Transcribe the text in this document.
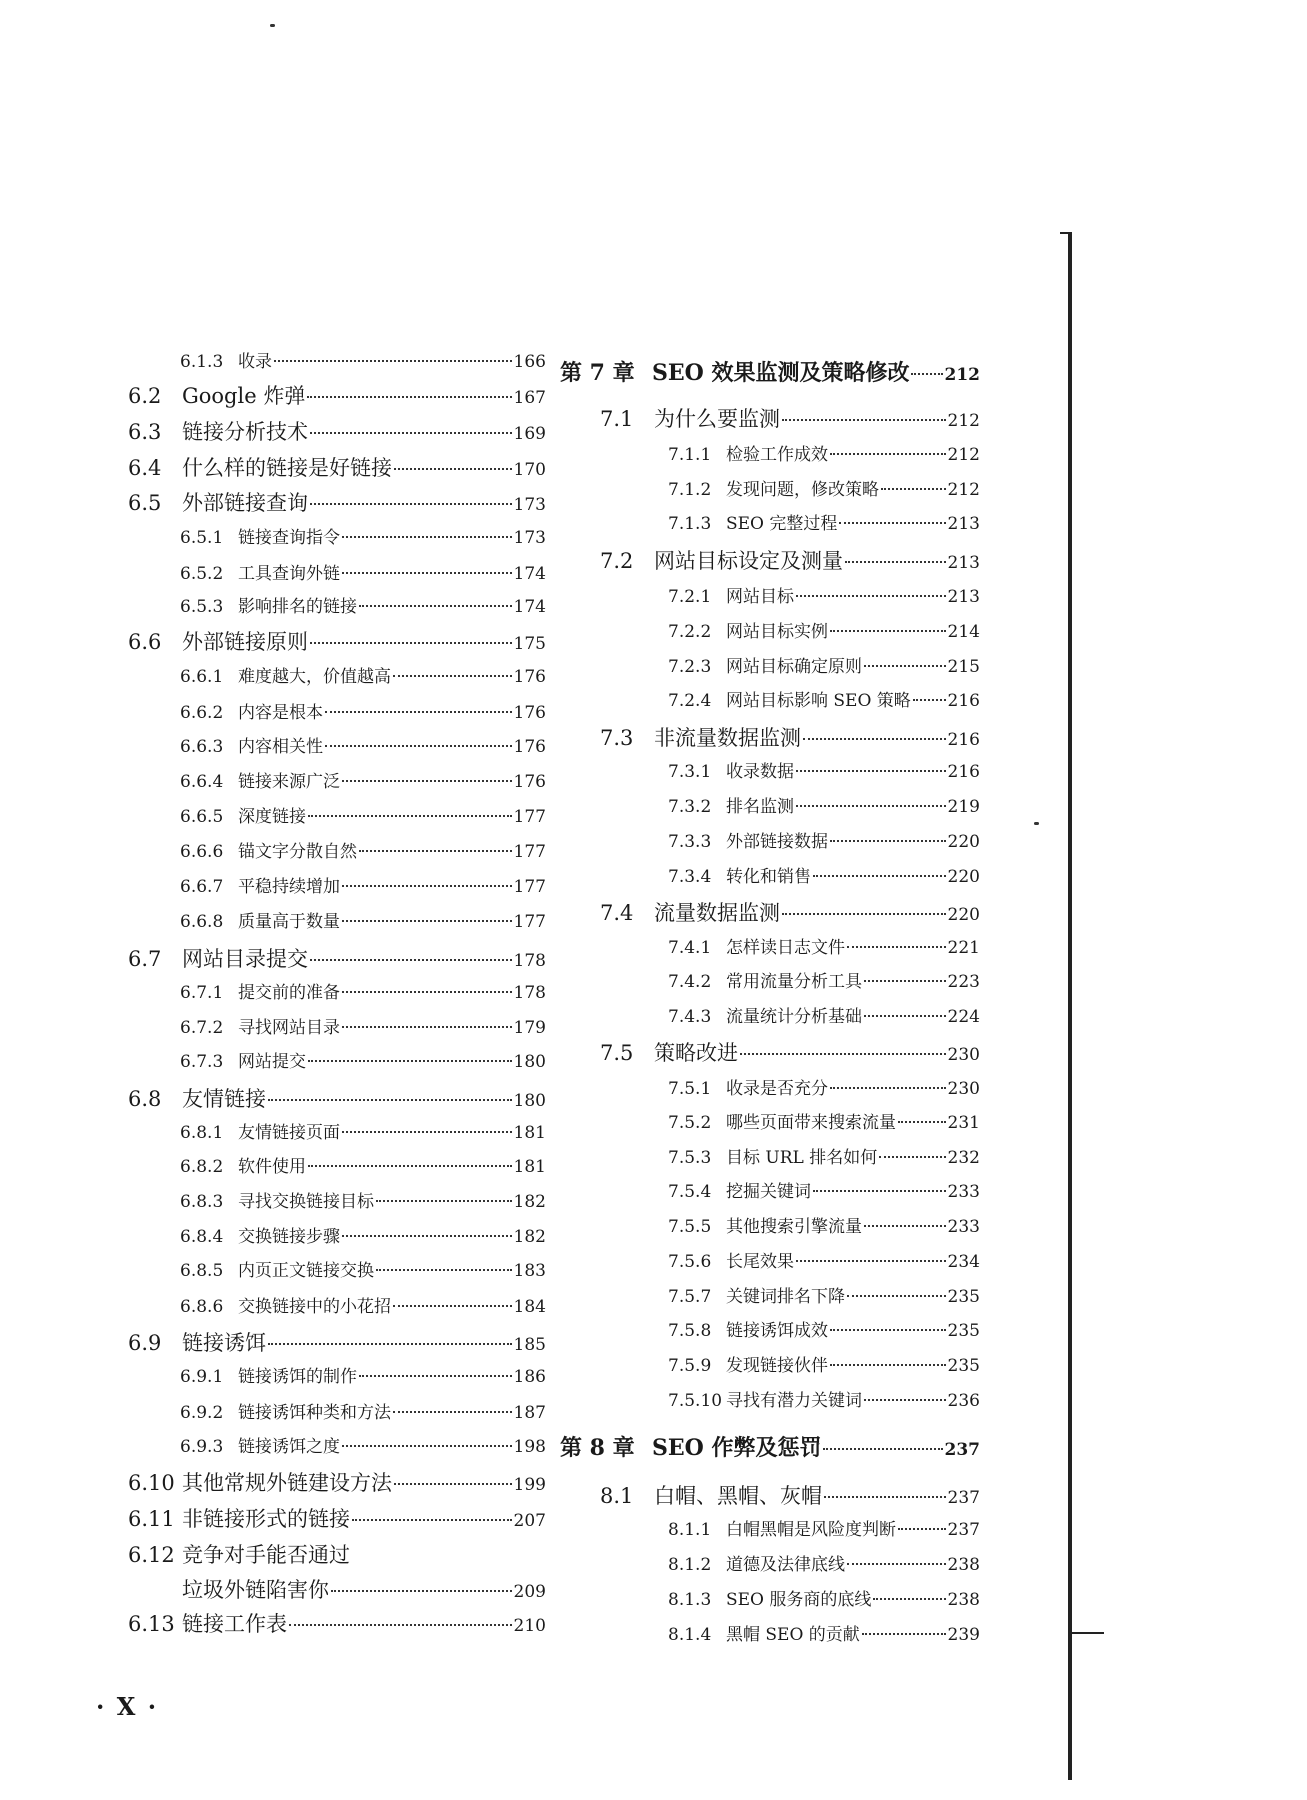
6.1.3 收录	166
6.2 Google 炸弹	167
6.3 链接分析技术	169
6.4 什么样的链接是好链接	170
6.5 外部链接查询	173
6.5.1 链接查询指令	173
6.5.2 工具查询外链	174
6.5.3 影响排名的链接	174
6.6 外部链接原则	175
6.6.1 难度越大，价值越高	176
6.6.2 内容是根本	176
6.6.3 内容相关性	176
6.6.4 链接来源广泛	176
6.6.5 深度链接	177
6.6.6 锚文字分散自然	177
6.6.7 平稳持续增加	177
6.6.8 质量高于数量	177
6.7 网站目录提交	178
6.7.1 提交前的准备	178
6.7.2 寻找网站目录	179
6.7.3 网站提交	180
6.8 友情链接	180
6.8.1 友情链接页面	181
6.8.2 软件使用	181
6.8.3 寻找交换链接目标	182
6.8.4 交换链接步骤	182
6.8.5 内页正文链接交换	183
6.8.6 交换链接中的小花招	184
6.9 链接诱饵	185
6.9.1 链接诱饵的制作	186
6.9.2 链接诱饵种类和方法	187
6.9.3 链接诱饵之度	198
6.10 其他常规外链建设方法	199
6.11 非链接形式的链接	207
6.12 竞争对手能否通过
垃圾外链陷害你	209
6.13 链接工作表	210
第 7 章 SEO 效果监测及策略修改 212
7.1 为什么要监测	212
7.1.1 检验工作成效	212
7.1.2 发现问题，修改策略	212
7.1.3 SEO 完整过程	213
7.2 网站目标设定及测量	213
7.2.1 网站目标	213
7.2.2 网站目标实例	214
7.2.3 网站目标确定原则	215
7.2.4 网站目标影响 SEO 策略 216
7.3 非流量数据监测	216
7.3.1 收录数据	216
7.3.2 排名监测	219
7.3.3 外部链接数据	220
7.3.4 转化和销售	220
7.4 流量数据监测	220
7.4.1 怎样读日志文件	221
7.4.2 常用流量分析工具	223
7.4.3 流量统计分析基础	224
7.5 策略改进	230
7.5.1 收录是否充分	230
7.5.2 哪些页面带来搜索流量	231
7.5.3 目标 URL 排名如何	232
7.5.4 挖掘关键词	233
7.5.5 其他搜索引擎流量	233
7.5.6 长尾效果	234
7.5.7 关键词排名下降	235
7.5.8 链接诱饵成效	235
7.5.9 发现链接伙伴	235
7.5.10 寻找有潜力关键词	236
第 8 章 SEO 作弊及惩罚	237
8.1 白帽、黑帽、灰帽	237
8.1.1 白帽黑帽是风险度判断	237
8.1.2 道德及法律底线	238
8.1.3 SEO 服务商的底线	238
8.1.4 黑帽 SEO 的贡献	239
· X ·
